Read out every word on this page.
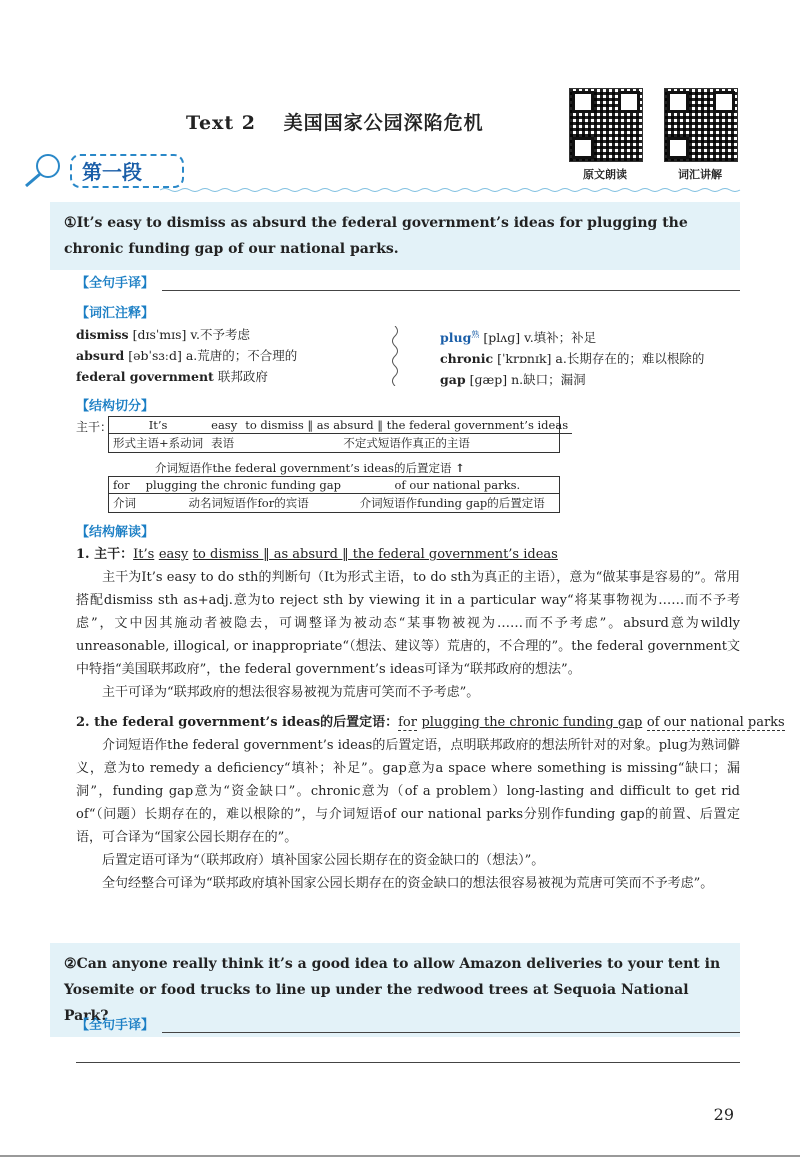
Text 2 美国国家公园深陷危机
原文朗读	词汇讲解
第一段
①It’s easy to dismiss as absurd the federal government’s ideas for plugging the chronic funding gap of our national parks.
【全句手译】
【词汇注释】
dismiss [dɪsˈmɪs] v.不予考虑
absurd [əbˈsɜːd] a.荒唐的；不合理的
federal government 联邦政府
plug$^熟$ [plʌɡ] v.填补；补足
chronic [ˈkrɒnɪk] a.长期存在的；难以根除的
gap [ɡæp] n.缺口；漏洞
【结构切分】
主干：	It’s	easy	to dismiss ‖ as absurd ‖ the federal government’s ideas
形式主语+系动词	表语	不定式短语作真正的主语
介词短语作the federal government’s ideas的后置定语 ↑
for	plugging the chronic funding gap	of our national parks.
介词	动名词短语作for的宾语	介词短语作funding gap的后置定语
【结构解读】
1. 主干：It’s easy to dismiss ‖ as absurd ‖ the federal government’s ideas
主干为It’s easy to do sth的判断句（It为形式主语，to do sth为真正的主语），意为“做某事是容易的”。常用搭配dismiss sth as+adj.意为to reject sth by viewing it in a particular way“将某事物视为……而不予考虑”，文中因其施动者被隐去，可调整译为被动态“某事物被视为……而不予考虑”。absurd意为wildly unreasonable, illogical, or inappropriate“（想法、建议等）荒唐的，不合理的”。the federal government文中特指“美国联邦政府”，the federal government’s ideas可译为“联邦政府的想法”。
主干可译为“联邦政府的想法很容易被视为荒唐可笑而不予考虑”。
2. the federal government’s ideas的后置定语：for plugging the chronic funding gap of our national parks
介词短语作the federal government’s ideas的后置定语，点明联邦政府的想法所针对的对象。plug为熟词僻义，意为to remedy a deficiency“填补；补足”。gap意为a space where something is missing“缺口；漏洞”，funding gap意为“资金缺口”。chronic意为（of a problem）long-lasting and difficult to get rid of“（问题）长期存在的，难以根除的”，与介词短语of our national parks分别作funding gap的前置、后置定语，可合译为“国家公园长期存在的”。
后置定语可译为“（联邦政府）填补国家公园长期存在的资金缺口的（想法）”。
全句经整合可译为“联邦政府填补国家公园长期存在的资金缺口的想法很容易被视为荒唐可笑而不予考虑”。
②Can anyone really think it’s a good idea to allow Amazon deliveries to your tent in Yosemite or food trucks to line up under the redwood trees at Sequoia National Park?
【全句手译】
29
